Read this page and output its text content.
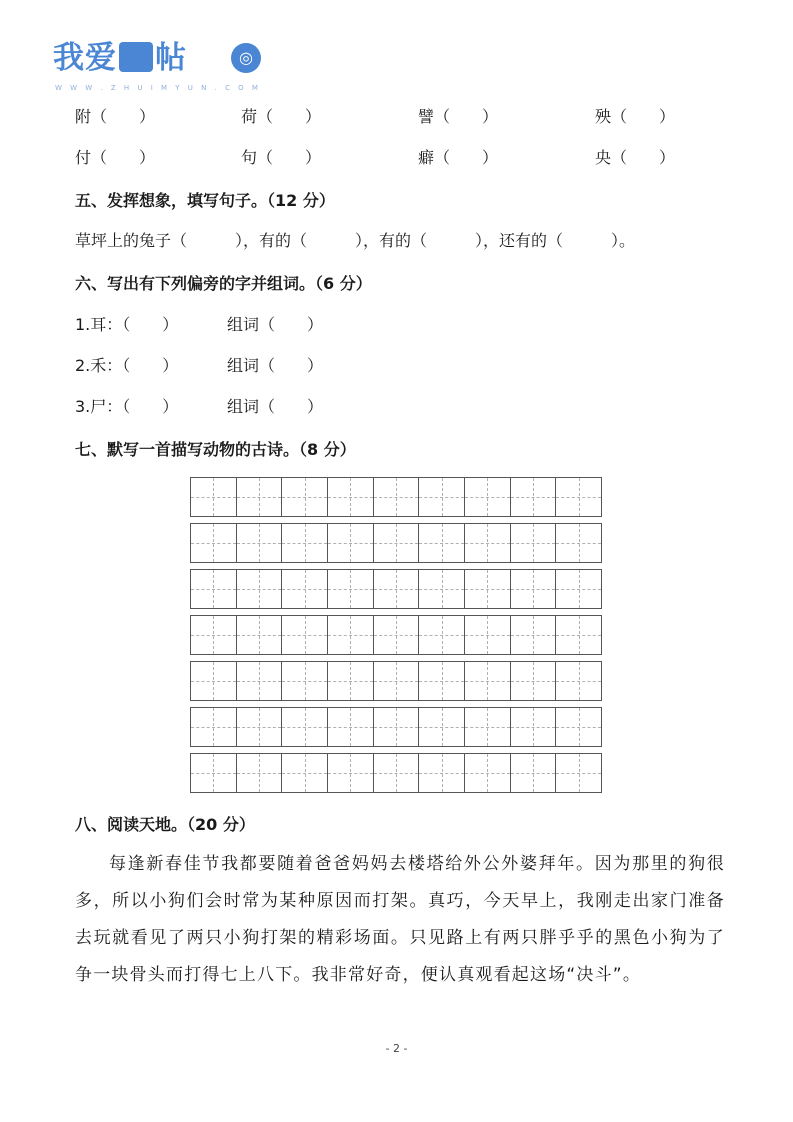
我爱 帖	◎
W W W . Z H U I M Y U N . C O M
附（　　）	荷（　　）	譬（　　）	殃（　　）
付（　　）	句（　　）	癖（　　）	央（　　）
五、发挥想象，填写句子。（12 分）
草坪上的兔子（　　　），有的（　　　），有的（　　　），还有的（　　　）。
六、写出有下列偏旁的字并组词。（6 分）
1.耳：（　　）	组词（　　）
2.禾：（　　）	组词（　　）
3.尸：（　　）	组词（　　）
七、默写一首描写动物的古诗。（8 分）
八、阅读天地。（20 分）
每逢新春佳节我都要随着爸爸妈妈去楼塔给外公外婆拜年。因为那里的狗很多，所以小狗们会时常为某种原因而打架。真巧，今天早上，我刚走出家门准备去玩就看见了两只小狗打架的精彩场面。只见路上有两只胖乎乎的黑色小狗为了争一块骨头而打得七上八下。我非常好奇，便认真观看起这场“决斗”。
- 2 -
